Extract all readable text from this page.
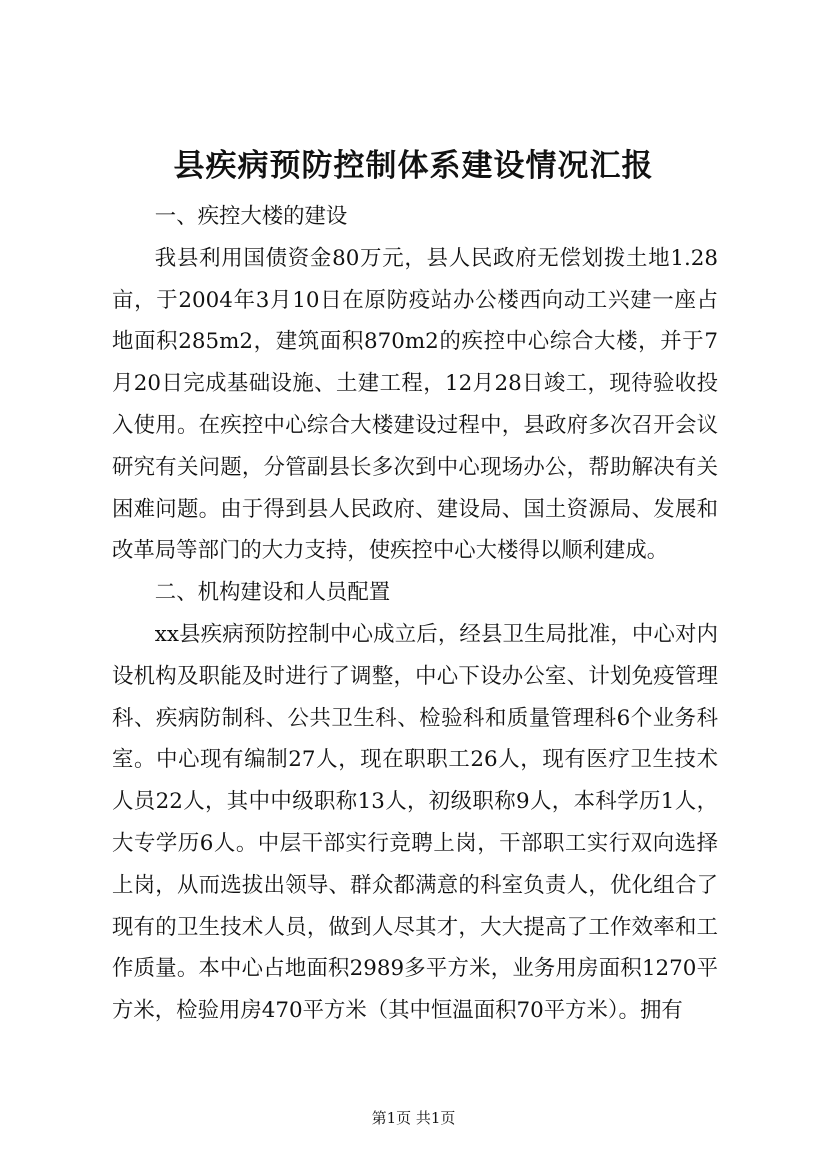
县疾病预防控制体系建设情况汇报

一、疾控大楼的建设

我县利用国债资金80万元，县人民政府无偿划拨土地1.28亩，于2004年3月10日在原防疫站办公楼西向动工兴建一座占地面积285m2，建筑面积870m2的疾控中心综合大楼，并于7月20日完成基础设施、土建工程，12月28日竣工，现待验收投入使用。在疾控中心综合大楼建设过程中，县政府多次召开会议研究有关问题，分管副县长多次到中心现场办公，帮助解决有关困难问题。由于得到县人民政府、建设局、国土资源局、发展和改革局等部门的大力支持，使疾控中心大楼得以顺利建成。

二、机构建设和人员配置

xx县疾病预防控制中心成立后，经县卫生局批准，中心对内设机构及职能及时进行了调整，中心下设办公室、计划免疫管理科、疾病防制科、公共卫生科、检验科和质量管理科6个业务科室。中心现有编制27人，现在职职工26人，现有医疗卫生技术人员22人，其中中级职称13人，初级职称9人，本科学历1人，大专学历6人。中层干部实行竞聘上岗，干部职工实行双向选择上岗，从而选拔出领导、群众都满意的科室负责人，优化组合了现有的卫生技术人员，做到人尽其才，大大提高了工作效率和工作质量。本中心占地面积2989多平方米，业务用房面积1270平方米，检验用房470平方米（其中恒温面积70平方米）。拥有

第1页 共1页
